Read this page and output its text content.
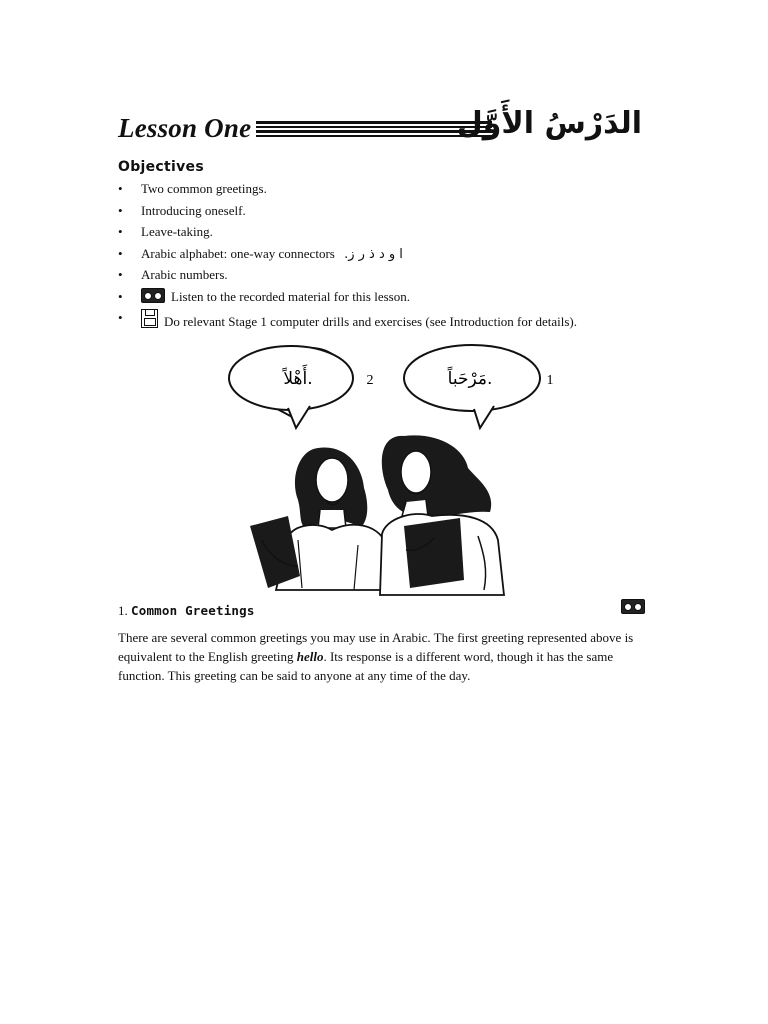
Lesson One	الدَرْسُ الأَوَّل
Objectives
• Two common greetings.
• Introducing oneself.
• Leave-taking.
• Arabic alphabet: one-way connectors ا و د ذ ر ز.
• Arabic numbers.
•	Listen to the recorded material for this lesson.
•	Do relevant Stage 1 computer drills and exercises (see Introduction for details).
أَهْلاً.	2	مَرْحَباً.	1
1. Common Greetings

There are several common greetings you may use in Arabic. The first greeting represented above is equivalent to the English greeting hello. Its response is a different word, though it has the same function. This greeting can be said to anyone at any time of the day.
